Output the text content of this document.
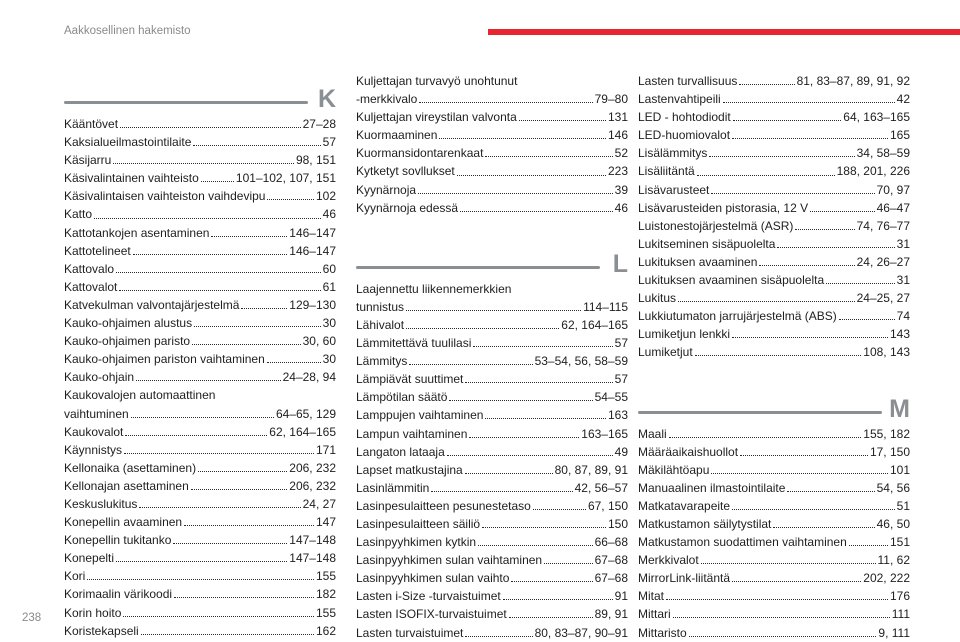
Aakkosellinen hakemisto
K
Kääntövet	27–28
Kaksialueilmastointilaite	57
Käsijarru	98, 151
Käsivalintainen vaihteisto	101–102, 107, 151
Käsivalintaisen vaihteiston vaihdevipu	102
Katto	46
Kattotankojen asentaminen	146–147
Kattotelineet	146–147
Kattovalo	60
Kattovalot	61
Katvekulman valvontajärjestelmä	129–130
Kauko-ohjaimen alustus	30
Kauko-ohjaimen paristo	30, 60
Kauko-ohjaimen pariston vaihtaminen	30
Kauko-ohjain	24–28, 94
Kaukovalojen automaattinen
vaihtuminen	64–65, 129
Kaukovalot	62, 164–165
Käynnistys	171
Kellonaika (asettaminen)	206, 232
Kellonajan asettaminen	206, 232
Keskuslukitus	24, 27
Konepellin avaaminen	147
Konepellin tukitanko	147–148
Konepelti	147–148
Kori	155
Korimaalin värikoodi	182
Korin hoito	155
Koristekapseli	162
Kuljettajan turvavyö unohtunut
-merkkivalo	79–80
Kuljettajan vireystilan valvonta	131
Kuormaaminen	146
Kuormansidontarenkaat	52
Kytketyt sovllukset	223
Kyynärnoja	39
Kyynärnoja edessä	46
L
Laajennettu liikennemerkkien
tunnistus	114–115
Lähivalot	62, 164–165
Lämmitettävä tuulilasi	57
Lämmitys	53–54, 56, 58–59
Lämpiävät suuttimet	57
Lämpötilan säätö	54–55
Lamppujen vaihtaminen	163
Lampun vaihtaminen	163–165
Langaton lataaja	49
Lapset matkustajina	80, 87, 89, 91
Lasinlämmitin	42, 56–57
Lasinpesulaitteen pesunestetaso	67, 150
Lasinpesulaitteen säiliö	150
Lasinpyyhkimen kytkin	66–68
Lasinpyyhkimen sulan vaihtaminen	67–68
Lasinpyyhkimen sulan vaihto	67–68
Lasten i-Size -turvaistuimet	91
Lasten ISOFIX-turvaistuimet	89, 91
Lasten turvaistuimet	80, 83–87, 90–91
Lasten turvallisuus	81, 83–87, 89, 91, 92
Lastenvahtipeili	42
LED - hohtodiodit	64, 163–165
LED-huomiovalot	165
Lisälämmitys	34, 58–59
Lisäliitäntä	188, 201, 226
Lisävarusteet	70, 97
Lisävarusteiden pistorasia, 12 V	46–47
Luistonestojärjestelmä (ASR)	74, 76–77
Lukitseminen sisäpuolelta	31
Lukituksen avaaminen	24, 26–27
Lukituksen avaaminen sisäpuolelta	31
Lukitus	24–25, 27
Lukkiutumaton jarrujärjestelmä (ABS)	74
Lumiketjun lenkki	143
Lumiketjut	108, 143
M
Maali	155, 182
Määräaikaishuollot	17, 150
Mäkilähtöapu	101
Manuaalinen ilmastointilaite	54, 56
Matkatavarapeite	51
Matkustamon säilytystilat	46, 50
Matkustamon suodattimen vaihtaminen	151
Merkkivalot	11, 62
MirrorLink-liitäntä	202, 222
Mitat	176
Mittari	111
Mittaristo	9, 111
238
